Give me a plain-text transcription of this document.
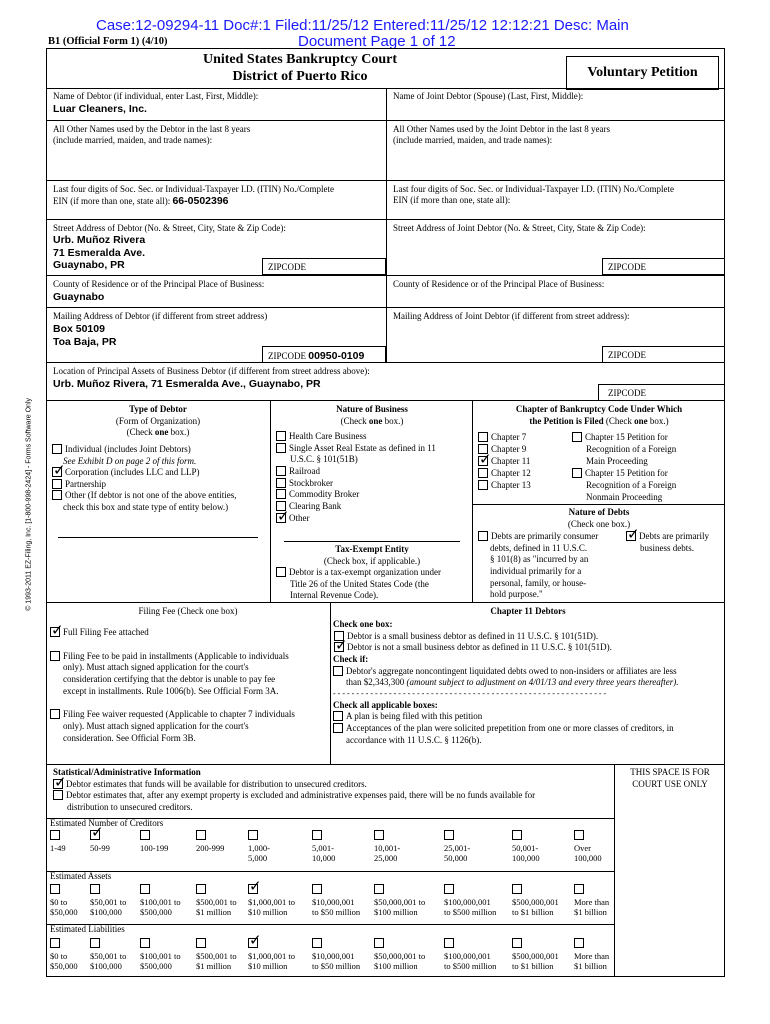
Case:12-09294-11 Doc#:1 Filed:11/25/12 Entered:11/25/12 12:12:21 Desc: Main
Document Page 1 of 12
B1 (Official Form 1) (4/10)
© 1993-2011 EZ-Filing, Inc. [1-800-998-2424] - Forms Software Only
United States Bankruptcy Court
District of Puerto Rico	Voluntary Petition
Name of Debtor (if individual, enter Last, First, Middle):
Luar Cleaners, Inc.
Name of Joint Debtor (Spouse) (Last, First, Middle):
All Other Names used by the Debtor in the last 8 years
(include married, maiden, and trade names):
All Other Names used by the Joint Debtor in the last 8 years
(include married, maiden, and trade names):
Last four digits of Soc. Sec. or Individual-Taxpayer I.D. (ITIN) No./Complete
EIN (if more than one, state all): 66-0502396
Last four digits of Soc. Sec. or Individual-Taxpayer I.D. (ITIN) No./Complete
EIN (if more than one, state all):
Street Address of Debtor (No. & Street, City, State & Zip Code):
Urb. Muñoz Rivera
71 Esmeralda Ave.
Guaynabo, PR
Street Address of Joint Debtor (No. & Street, City, State & Zip Code):
ZIPCODE	ZIPCODE
County of Residence or of the Principal Place of Business:
Guaynabo
County of Residence or of the Principal Place of Business:
Mailing Address of Debtor (if different from street address)
Box 50109
Toa Baja, PR
Mailing Address of Joint Debtor (if different from street address):
ZIPCODE 00950-0109	ZIPCODE
Location of Principal Assets of Business Debtor (if different from street address above):
Urb. Muñoz Rivera, 71 Esmeralda Ave., Guaynabo, PR
ZIPCODE
Type of Debtor
(Form of Organization)
(Check one box.)
Individual (includes Joint Debtors)
See Exhibit D on page 2 of this form.
✓
Corporation (includes LLC and LLP)
Partnership
Other (If debtor is not one of the above entities,
check this box and state type of entity below.)
Nature of Business
(Check one box.)
Health Care Business
Single Asset Real Estate as defined in 11
U.S.C. § 101(51B)
Railroad
Stockbroker
Commodity Broker
Clearing Bank
✓
Other
Tax-Exempt Entity
(Check box, if applicable.)
Debtor is a tax-exempt organization under
Title 26 of the United States Code (the
Internal Revenue Code).
Chapter of Bankruptcy Code Under Which
the Petition is Filed (Check one box.)
Chapter 7
Chapter 9
✓
Chapter 11
Chapter 12
Chapter 13
Chapter 15 Petition for
Recognition of a Foreign
Main Proceeding
Chapter 15 Petition for
Recognition of a Foreign
Nonmain Proceeding
Nature of Debts
(Check one box.)
Debts are primarily consumer
debts, defined in 11 U.S.C.
§ 101(8) as "incurred by an
individual primarily for a
personal, family, or house-
hold purpose."
✓
Debts are primarily
business debts.
Filing Fee (Check one box)
✓
Full Filing Fee attached
Filing Fee to be paid in installments (Applicable to individuals
only). Must attach signed application for the court's
consideration certifying that the debtor is unable to pay fee
except in installments. Rule 1006(b). See Official Form 3A.
Filing Fee waiver requested (Applicable to chapter 7 individuals
only). Must attach signed application for the court's
consideration. See Official Form 3B.
Chapter 11 Debtors
Check one box:
Debtor is a small business debtor as defined in 11 U.S.C. § 101(51D).
✓
Debtor is not a small business debtor as defined in 11 U.S.C. § 101(51D).
Check if:
Debtor's aggregate noncontingent liquidated debts owed to non-insiders or affiliates are less
than $2,343,300 (amount subject to adjustment on 4/01/13 and every three years thereafter).
- - - - - - - - - - - - - - - - - - - - - - - - - - - - - - - - - - - - - - - - - - - - - - - - - - - - - - - - - - -
Check all applicable boxes:
A plan is being filed with this petition
Acceptances of the plan were solicited prepetition from one or more classes of creditors, in
accordance with 11 U.S.C. § 1126(b).
THIS SPACE IS FOR
COURT USE ONLY
Statistical/Administrative Information
✓
Debtor estimates that funds will be available for distribution to unsecured creditors.
Debtor estimates that, after any exempt property is excluded and administrative expenses paid, there will be no funds available for
distribution to unsecured creditors.
Estimated Number of Creditors
✓
1-49	50-99	100-199	200-999	1,000-
5,000
5,001-
10,000
10,001-
25,000
25,001-
50,000
50,001-
100,000
Over
100,000
Estimated Assets
✓
$0 to
$50,000
$50,001 to
$100,000
$100,001 to
$500,000
$500,001 to
$1 million
$1,000,001 to
$10 million
$10,000,001
to $50 million
$50,000,001 to
$100 million
$100,000,001
to $500 million
$500,000,001
to $1 billion
More than
$1 billion
Estimated Liabilities
✓
$0 to
$50,000
$50,001 to
$100,000
$100,001 to
$500,000
$500,001 to
$1 million
$1,000,001 to
$10 million
$10,000,001
to $50 million
$50,000,001 to
$100 million
$100,000,001
to $500 million
$500,000,001
to $1 billion
More than
$1 billion
